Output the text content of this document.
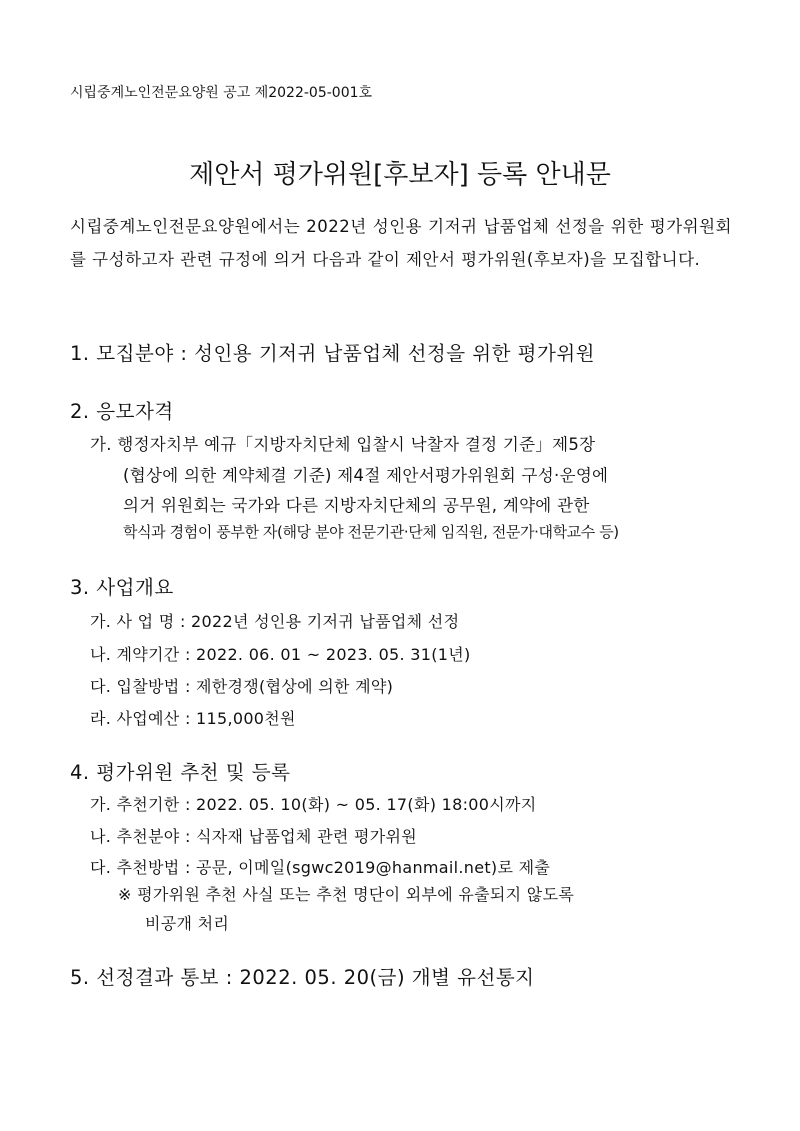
시립중계노인전문요양원 공고 제2022-05-001호
제안서 평가위원[후보자] 등록 안내문
시립중계노인전문요양원에서는 2022년 성인용 기저귀 납품업체 선정을 위한 평가위원회를 구성하고자 관련 규정에 의거 다음과 같이 제안서 평가위원(후보자)을 모집합니다.
1. 모집분야 : 성인용 기저귀 납품업체 선정을 위한 평가위원
2. 응모자격
가. 행정자치부 예규「지방자치단체 입찰시 낙찰자 결정 기준」제5장
(협상에 의한 계약체결 기준) 제4절 제안서평가위원회 구성·운영에
의거 위원회는 국가와 다른 지방자치단체의 공무원, 계약에 관한
학식과 경험이 풍부한 자(해당 분야 전문기관·단체 임직원, 전문가·대학교수 등)
3. 사업개요
가. 사 업 명 : 2022년 성인용 기저귀 납품업체 선정
나. 계약기간 : 2022. 06. 01 ~ 2023. 05. 31(1년)
다. 입찰방법 : 제한경쟁(협상에 의한 계약)
라. 사업예산 : 115,000천원
4. 평가위원 추천 및 등록
가. 추천기한 : 2022. 05. 10(화) ~ 05. 17(화) 18:00시까지
나. 추천분야 : 식자재 납품업체 관련 평가위원
다. 추천방법 : 공문, 이메일(sgwc2019@hanmail.net)로 제출
※ 평가위원 추천 사실 또는 추천 명단이 외부에 유출되지 않도록
비공개 처리
5. 선정결과 통보 : 2022. 05. 20(금) 개별 유선통지
